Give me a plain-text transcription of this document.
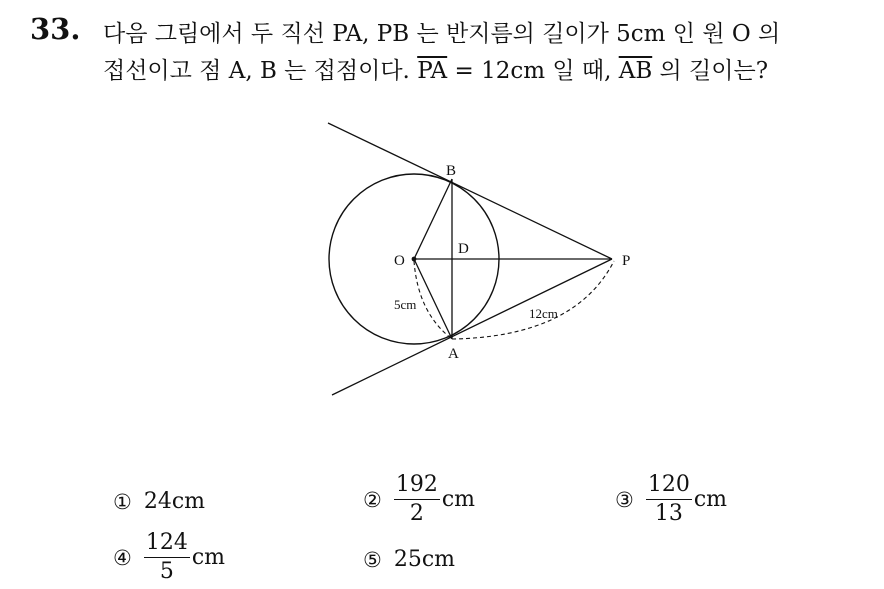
33. 다음 그림에서 두 직선 PA, PB 는 반지름의 길이가 5cm 인 원 O 의
접선이고 점 A, B 는 접점이다. $\overline{PA} = 12cm$ 일 때, $\overline{AB}$ 의 길이는?
B
O
D
P
A
5cm
12cm
① 24cm	② $\frac{192}{2}$ cm	③ $\frac{120}{13}$ cm
④ $\frac{124}{5}$ cm	⑤ 25cm
